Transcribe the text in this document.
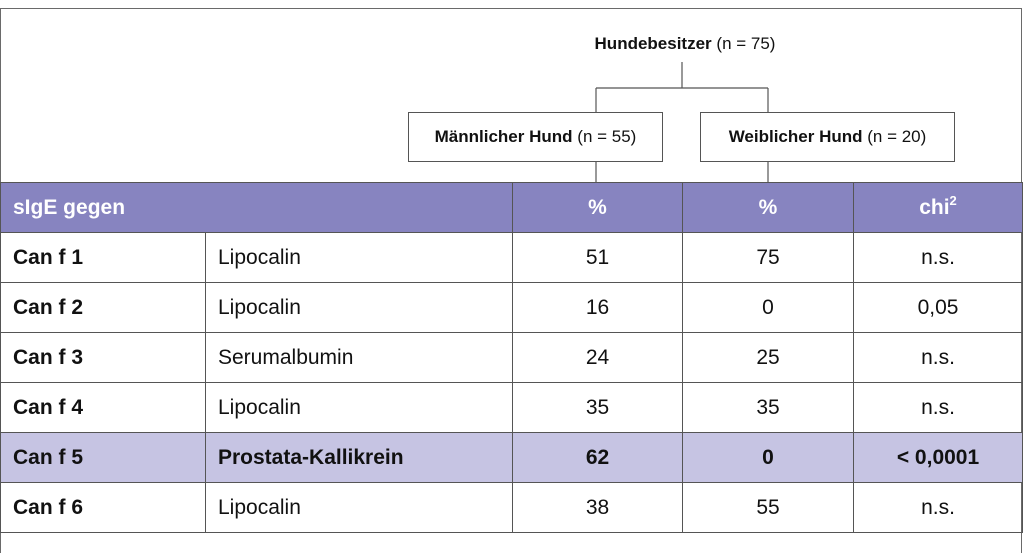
Hundebesitzer (n = 75)
Männlicher Hund
(n = 55)	Weiblicher Hund
(n = 20)
sIgE gegen		%	%	chi$^2$
Can f 1	Lipocalin	51	75	n.s.
Can f 2	Lipocalin	16	0	0,05
Can f 3	Serumalbumin	24	25	n.s.
Can f 4	Lipocalin	35	35	n.s.
Can f 5	Prostata-Kallikrein	62	0	< 0,0001
Can f 6	Lipocalin	38	55	n.s.
